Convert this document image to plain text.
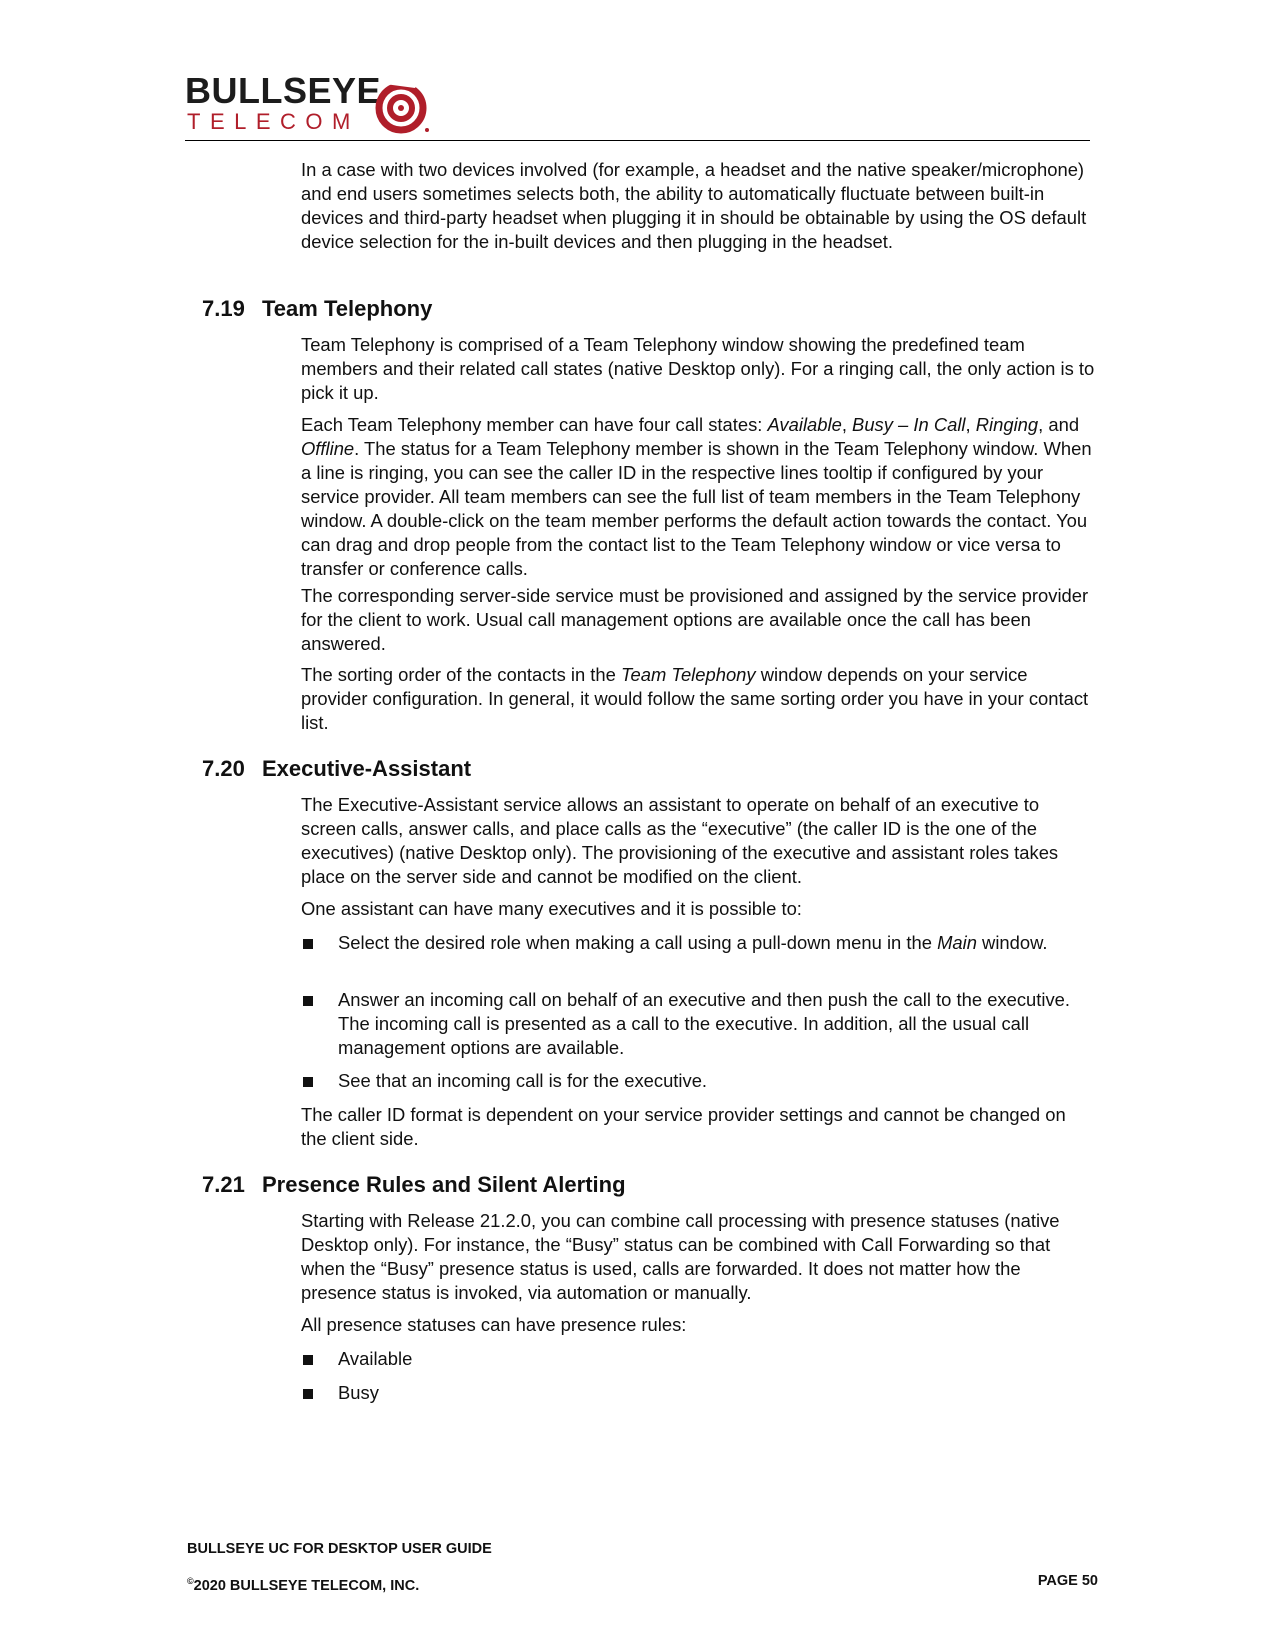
BULLSEYE
TELECOM

In a case with two devices involved (for example, a headset and the native speaker/microphone) and end users sometimes selects both, the ability to automatically fluctuate between built-in devices and third-party headset when plugging it in should be obtainable by using the OS default device selection for the in-built devices and then plugging in the headset.

7.19 Team Telephony

Team Telephony is comprised of a Team Telephony window showing the predefined team members and their related call states (native Desktop only). For a ringing call, the only action is to pick it up.

Each Team Telephony member can have four call states: Available, Busy – In Call, Ringing, and Offline. The status for a Team Telephony member is shown in the Team Telephony window. When a line is ringing, you can see the caller ID in the respective lines tooltip if configured by your service provider. All team members can see the full list of team members in the Team Telephony window. A double-click on the team member performs the default action towards the contact. You can drag and drop people from the contact list to the Team Telephony window or vice versa to transfer or conference calls.

The corresponding server-side service must be provisioned and assigned by the service provider for the client to work. Usual call management options are available once the call has been answered.

The sorting order of the contacts in the Team Telephony window depends on your service provider configuration. In general, it would follow the same sorting order you have in your contact list.

7.20 Executive-Assistant

The Executive-Assistant service allows an assistant to operate on behalf of an executive to screen calls, answer calls, and place calls as the “executive” (the caller ID is the one of the executives) (native Desktop only). The provisioning of the executive and assistant roles takes place on the server side and cannot be modified on the client.

One assistant can have many executives and it is possible to:

Select the desired role when making a call using a pull-down menu in the Main window.
Answer an incoming call on behalf of an executive and then push the call to the executive. The incoming call is presented as a call to the executive. In addition, all the usual call management options are available.
See that an incoming call is for the executive.

The caller ID format is dependent on your service provider settings and cannot be changed on the client side.

7.21 Presence Rules and Silent Alerting

Starting with Release 21.2.0, you can combine call processing with presence statuses (native Desktop only). For instance, the “Busy” status can be combined with Call Forwarding so that when the “Busy” presence status is used, calls are forwarded. It does not matter how the presence status is invoked, via automation or manually.

All presence statuses can have presence rules:

Available
Busy
BULLSEYE UC FOR DESKTOP USER GUIDE
©2020 BULLSEYE TELECOM, INC.	PAGE 50
